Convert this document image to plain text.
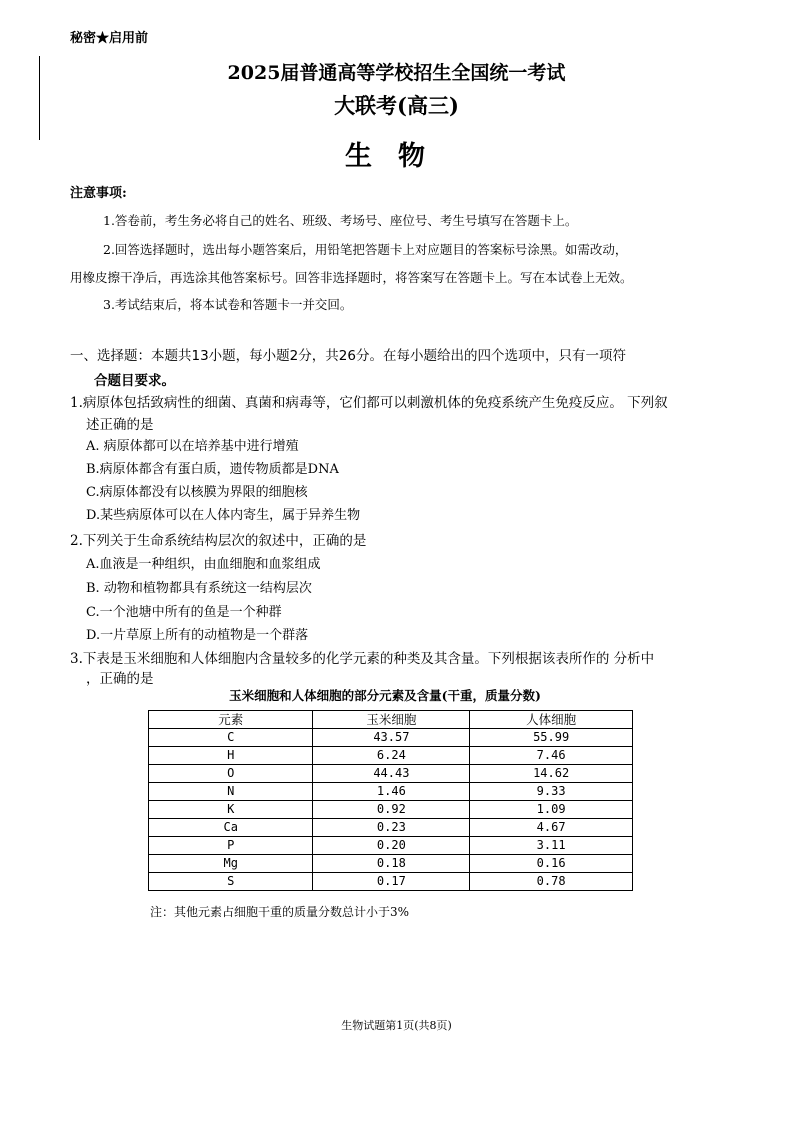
秘密★启用前
2025届普通高等学校招生全国统一考试
大联考(高三)
生物
注意事项:
1.答卷前，考生务必将自己的姓名、班级、考场号、座位号、考生号填写在答题卡上。
2.回答选择题时，选出每小题答案后，用铅笔把答题卡上对应题目的答案标号涂黑。如需改动，
用橡皮擦干净后，再选涂其他答案标号。回答非选择题时，将答案写在答题卡上。写在本试卷上无效。
3.考试结束后，将本试卷和答题卡一并交回。
一、选择题：本题共13小题，每小题2分，共26分。在每小题给出的四个选项中，只有一项符
合题目要求。
1.病原体包括致病性的细菌、真菌和病毒等，它们都可以刺激机体的免疫系统产生免疫反应。 下列叙
述正确的是
A. 病原体都可以在培养基中进行增殖
B.病原体都含有蛋白质，遗传物质都是DNA
C.病原体都没有以核膜为界限的细胞核
D.某些病原体可以在人体内寄生，属于异养生物
2.下列关于生命系统结构层次的叙述中，正确的是
A.血液是一种组织，由血细胞和血浆组成
B. 动物和植物都具有系统这一结构层次
C.一个池塘中所有的鱼是一个种群
D.一片草原上所有的动植物是一个群落
3.下表是玉米细胞和人体细胞内含量较多的化学元素的种类及其含量。下列根据该表所作的 分析中
，正确的是
玉米细胞和人体细胞的部分元素及含量(干重，质量分数)
元素	玉米细胞	人体细胞
C	43.57	55.99
H	6.24	7.46
O	44.43	14.62
N	1.46	9.33
K	0.92	1.09
Ca	0.23	4.67
P	0.20	3.11
Mg	0.18	0.16
S	0.17	0.78
注：其他元素占细胞干重的质量分数总计小于3%
生物试题第1页(共8页)
